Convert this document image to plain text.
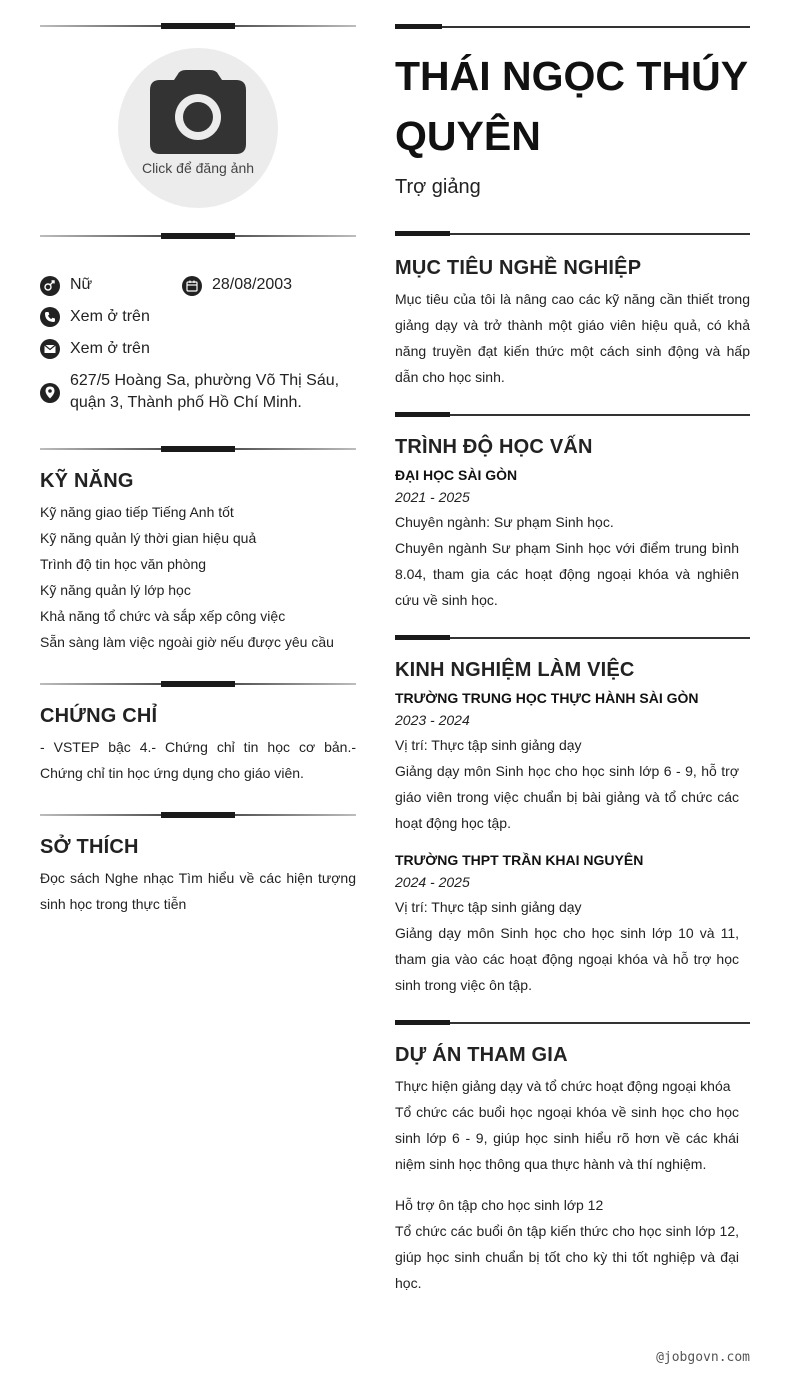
Click để đăng ảnh
Nữ	28/08/2003
Xem ở trên
Xem ở trên
627/5 Hoàng Sa, phường Võ Thị Sáu, quận 3, Thành phố Hồ Chí Minh.
KỸ NĂNG
Kỹ năng giao tiếp Tiếng Anh tốt
Kỹ năng quản lý thời gian hiệu quả
Trình độ tin học văn phòng
Kỹ năng quản lý lớp học
Khả năng tổ chức và sắp xếp công việc
Sẵn sàng làm việc ngoài giờ nếu được yêu cầu
CHỨNG CHỈ
- VSTEP bậc 4.- Chứng chỉ tin học cơ bản.- Chứng chỉ tin học ứng dụng cho giáo viên.
SỞ THÍCH
Đọc sách Nghe nhạc Tìm hiểu về các hiện tượng sinh học trong thực tiễn
THÁI NGỌC THÚY QUYÊN
Trợ giảng
MỤC TIÊU NGHỀ NGHIỆP
Mục tiêu của tôi là nâng cao các kỹ năng cần thiết trong giảng dạy và trở thành một giáo viên hiệu quả, có khả năng truyền đạt kiến thức một cách sinh động và hấp dẫn cho học sinh.
TRÌNH ĐỘ HỌC VẤN
ĐẠI HỌC SÀI GÒN
2021 - 2025
Chuyên ngành: Sư phạm Sinh học.
Chuyên ngành Sư phạm Sinh học với điểm trung bình 8.04, tham gia các hoạt động ngoại khóa và nghiên cứu về sinh học.
KINH NGHIỆM LÀM VIỆC
TRƯỜNG TRUNG HỌC THỰC HÀNH SÀI GÒN
2023 - 2024
Vị trí: Thực tập sinh giảng dạy
Giảng dạy môn Sinh học cho học sinh lớp 6 - 9, hỗ trợ giáo viên trong việc chuẩn bị bài giảng và tổ chức các hoạt động học tập.
TRƯỜNG THPT TRẦN KHAI NGUYÊN
2024 - 2025
Vị trí: Thực tập sinh giảng dạy
Giảng dạy môn Sinh học cho học sinh lớp 10 và 11, tham gia vào các hoạt động ngoại khóa và hỗ trợ học sinh trong việc ôn tập.
DỰ ÁN THAM GIA
Thực hiện giảng dạy và tổ chức hoạt động ngoại khóa
Tổ chức các buổi học ngoại khóa về sinh học cho học sinh lớp 6 - 9, giúp học sinh hiểu rõ hơn về các khái niệm sinh học thông qua thực hành và thí nghiệm.
Hỗ trợ ôn tập cho học sinh lớp 12
Tổ chức các buổi ôn tập kiến thức cho học sinh lớp 12, giúp học sinh chuẩn bị tốt cho kỳ thi tốt nghiệp và đại học.
@jobgovn.com
